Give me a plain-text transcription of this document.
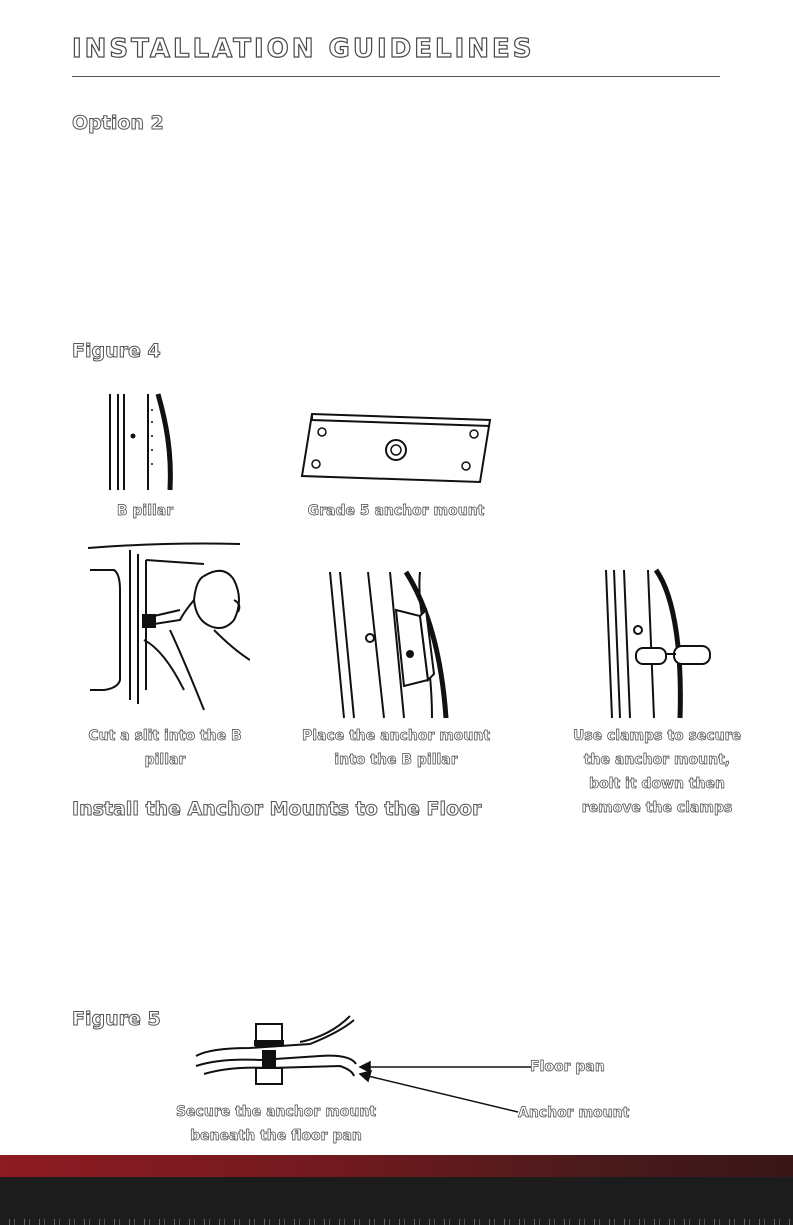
INSTALLATION GUIDELINES
Option 2
Figure 4
B pillar	Grade 5 anchor mount
Cut a slit into the B pillar
Place the anchor mount
into the B pillar
Use clamps to secure
the anchor mount,
bolt it down then
remove the clamps
Install the Anchor Mounts to the Floor
Figure 5
Floor pan
Anchor mount
Secure the anchor mount
beneath the floor pan
